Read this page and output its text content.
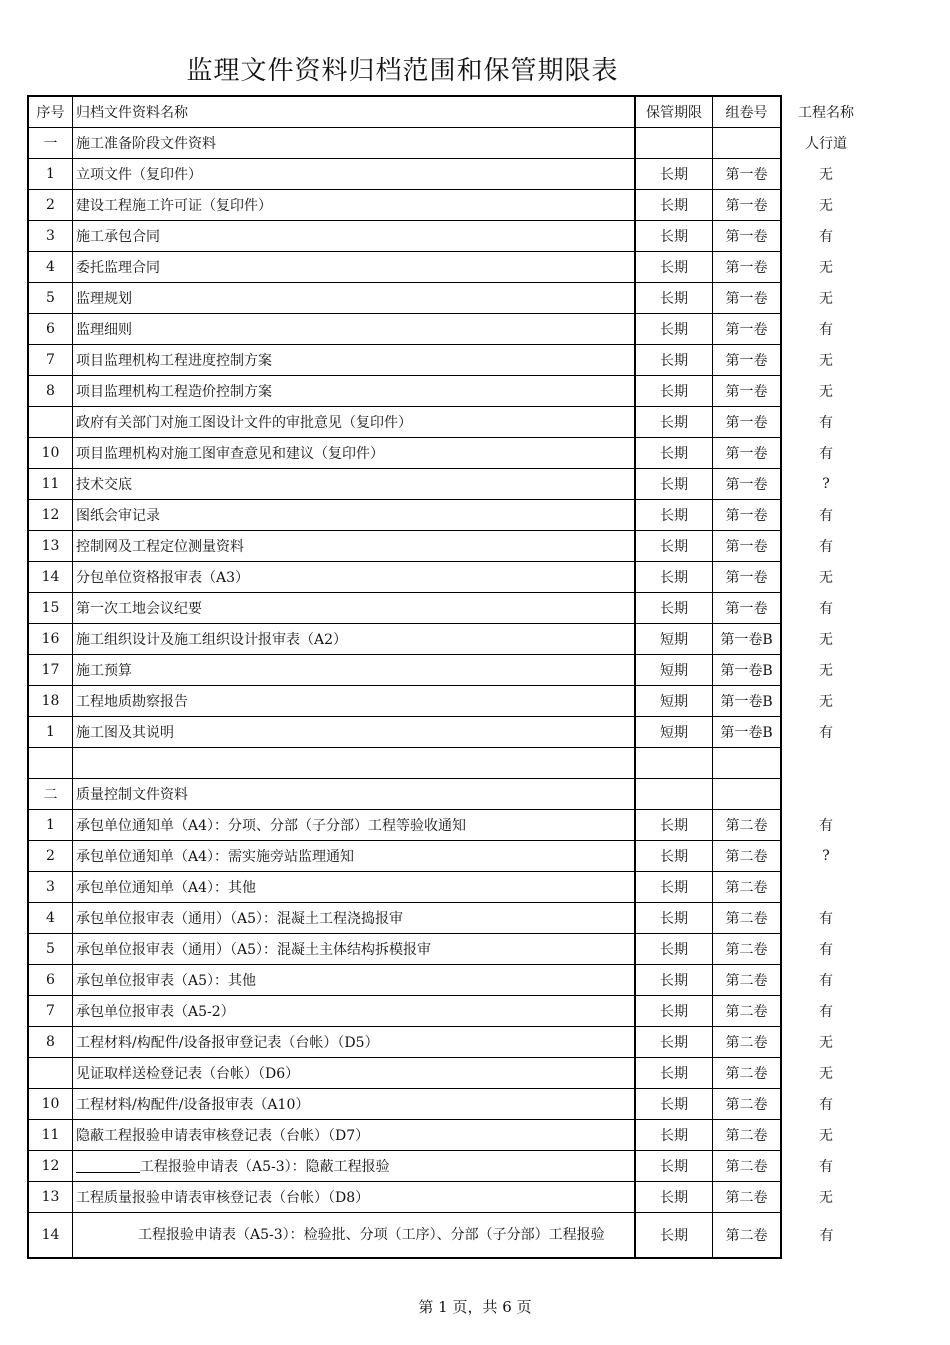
监理文件资料归档范围和保管期限表
序号	归档文件资料名称	保管期限	组卷号	工程名称
一	施工准备阶段文件资料			人行道
1	立项文件（复印件）	长期	第一卷	无
2	建设工程施工许可证（复印件）	长期	第一卷	无
3	施工承包合同	长期	第一卷	有
4	委托监理合同	长期	第一卷	无
5	监理规划	长期	第一卷	无
6	监理细则	长期	第一卷	有
7	项目监理机构工程进度控制方案	长期	第一卷	无
8	项目监理机构工程造价控制方案	长期	第一卷	无
	政府有关部门对施工图设计文件的审批意见（复印件）	长期	第一卷	有
10	项目监理机构对施工图审查意见和建议（复印件）	长期	第一卷	有
11	技术交底	长期	第一卷	?
12	图纸会审记录	长期	第一卷	有
13	控制网及工程定位测量资料	长期	第一卷	有
14	分包单位资格报审表（A3）	长期	第一卷	无
15	第一次工地会议纪要	长期	第一卷	有
16	施工组织设计及施工组织设计报审表（A2）	短期	第一卷B	无
17	施工预算	短期	第一卷B	无
18	工程地质勘察报告	短期	第一卷B	无
1	施工图及其说明	短期	第一卷B	有

二	质量控制文件资料			
1	承包单位通知单（A4）：分项、分部（子分部）工程等验收通知	长期	第二卷	有
2	承包单位通知单（A4）：需实施旁站监理通知	长期	第二卷	?
3	承包单位通知单（A4）：其他	长期	第二卷	
4	承包单位报审表（通用）（A5）：混凝土工程浇捣报审	长期	第二卷	有
5	承包单位报审表（通用）（A5）：混凝土主体结构拆模报审	长期	第二卷	有
6	承包单位报审表（A5）：其他	长期	第二卷	有
7	承包单位报审表（A5-2）	长期	第二卷	有
8	工程材料/构配件/设备报审登记表（台帐）（D5）	长期	第二卷	无
	见证取样送检登记表（台帐）（D6）	长期	第二卷	无
10	工程材料/构配件/设备报审表（A10）	长期	第二卷	有
11	隐蔽工程报验申请表审核登记表（台帐）（D7）	长期	第二卷	无
12	工程报验申请表（A5-3）：隐蔽工程报验	长期	第二卷	有
13	工程质量报验申请表审核登记表（台帐）（D8）	长期	第二卷	无
14	工程报验申请表（A5-3）：检验批、分项（工序）、分部（子分部）工程报验	长期	第二卷	有
第 1 页，共 6 页
